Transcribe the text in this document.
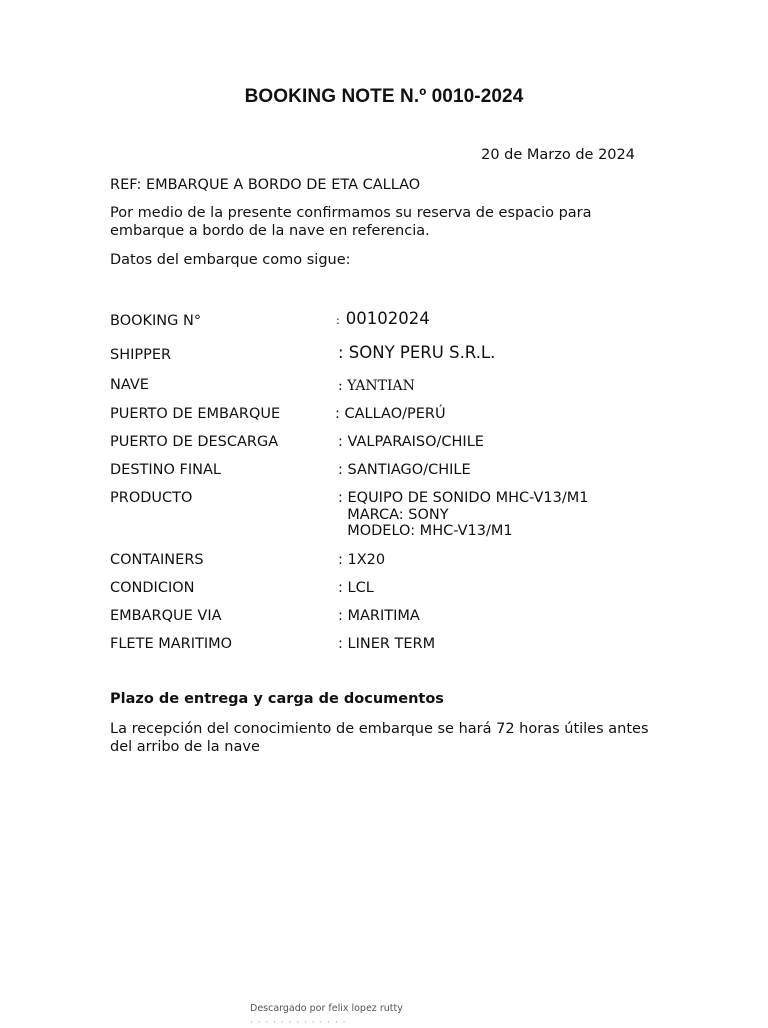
BOOKING NOTE N.º 0010-2024
20 de Marzo de 2024
REF: EMBARQUE A BORDO DE ETA CALLAO
Por medio de la presente confirmamos su reserva de espacio para embarque a bordo de la nave en referencia.
Datos del embarque como sigue:
BOOKING N°	: 00102024
SHIPPER	: SONY PERU S.R.L.
NAVE	: YANTIAN
PUERTO DE EMBARQUE	: CALLAO/PERÚ
PUERTO DE DESCARGA	: VALPARAISO/CHILE
DESTINO FINAL	: SANTIAGO/CHILE
PRODUCTO	: EQUIPO DE SONIDO MHC-V13/M1
MARCA: SONY
MODELO: MHC-V13/M1
CONTAINERS	: 1X20
CONDICION	: LCL
EMBARQUE VIA	: MARITIMA
FLETE MARITIMO	: LINER TERM
Plazo de entrega y carga de documentos
La recepción del conocimiento de embarque se hará 72 horas útiles antes del arribo de la nave
Descargado por felix lopez rutty
· · · · · · · · · · · · ·
